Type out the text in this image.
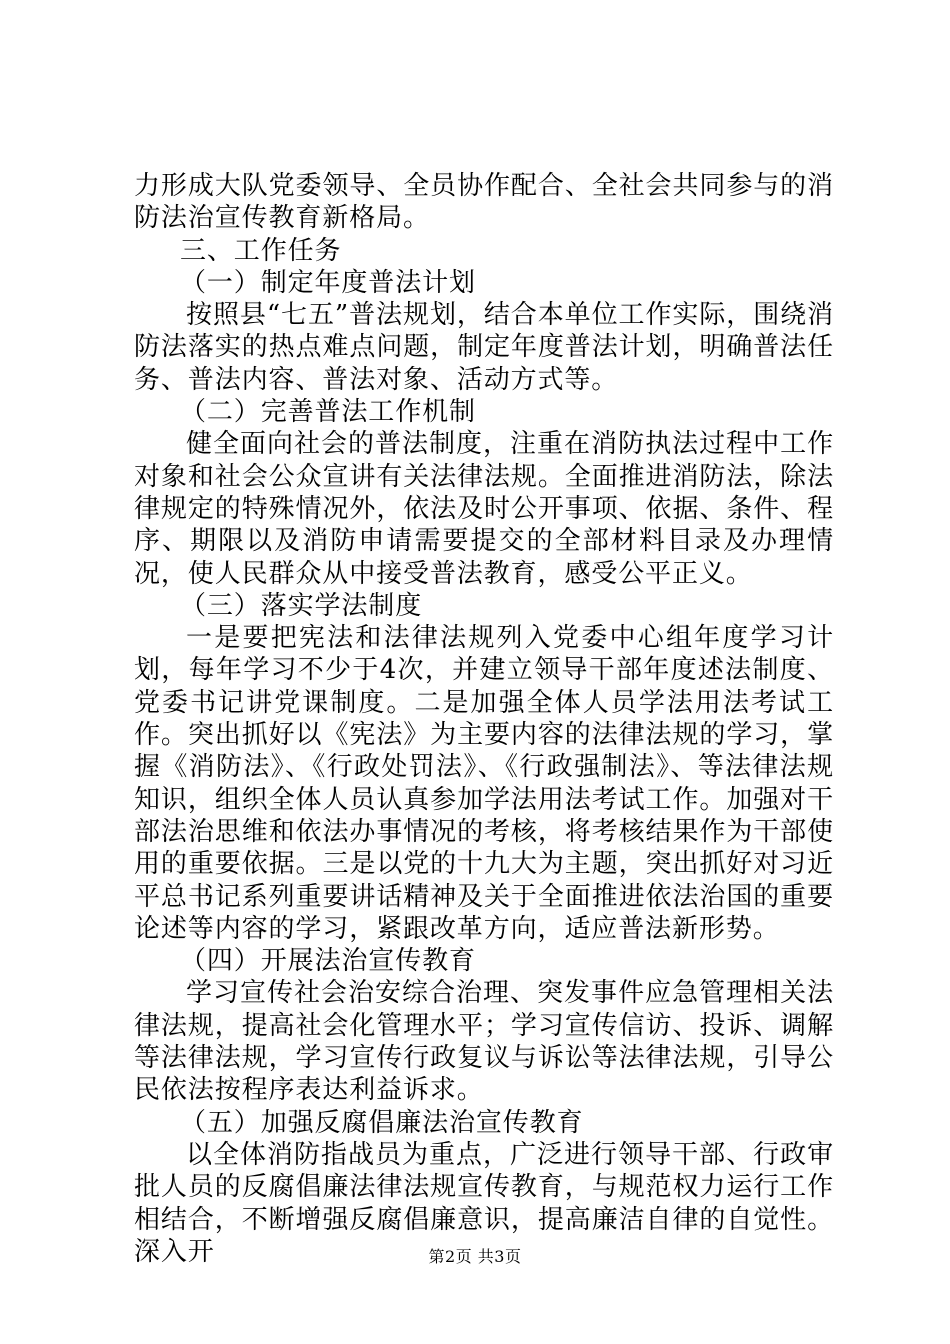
力形成大队党委领导、全员协作配合、全社会共同参与的消防法治宣传教育新格局。

三、工作任务

（一）制定年度普法计划

按照县“七五”普法规划，结合本单位工作实际，围绕消防法落实的热点难点问题，制定年度普法计划，明确普法任务、普法内容、普法对象、活动方式等。

（二）完善普法工作机制

健全面向社会的普法制度，注重在消防执法过程中工作对象和社会公众宣讲有关法律法规。全面推进消防法，除法律规定的特殊情况外，依法及时公开事项、依据、条件、程序、期限以及消防申请需要提交的全部材料目录及办理情况，使人民群众从中接受普法教育，感受公平正义。

（三）落实学法制度

一是要把宪法和法律法规列入党委中心组年度学习计划，每年学习不少于4次，并建立领导干部年度述法制度、党委书记讲党课制度。二是加强全体人员学法用法考试工作。突出抓好以《宪法》为主要内容的法律法规的学习，掌握《消防法》、《行政处罚法》、《行政强制法》、等法律法规知识，组织全体人员认真参加学法用法考试工作。加强对干部法治思维和依法办事情况的考核，将考核结果作为干部使用的重要依据。三是以党的十九大为主题，突出抓好对习近平总书记系列重要讲话精神及关于全面推进依法治国的重要论述等内容的学习，紧跟改革方向，适应普法新形势。

（四）开展法治宣传教育

学习宣传社会治安综合治理、突发事件应急管理相关法律法规，提高社会化管理水平；学习宣传信访、投诉、调解等法律法规，学习宣传行政复议与诉讼等法律法规，引导公民依法按程序表达利益诉求。

（五）加强反腐倡廉法治宣传教育

以全体消防指战员为重点，广泛进行领导干部、行政审批人员的反腐倡廉法律法规宣传教育，与规范权力运行工作相结合，不断增强反腐倡廉意识，提高廉洁自律的自觉性。深入开	第2页 共3页
